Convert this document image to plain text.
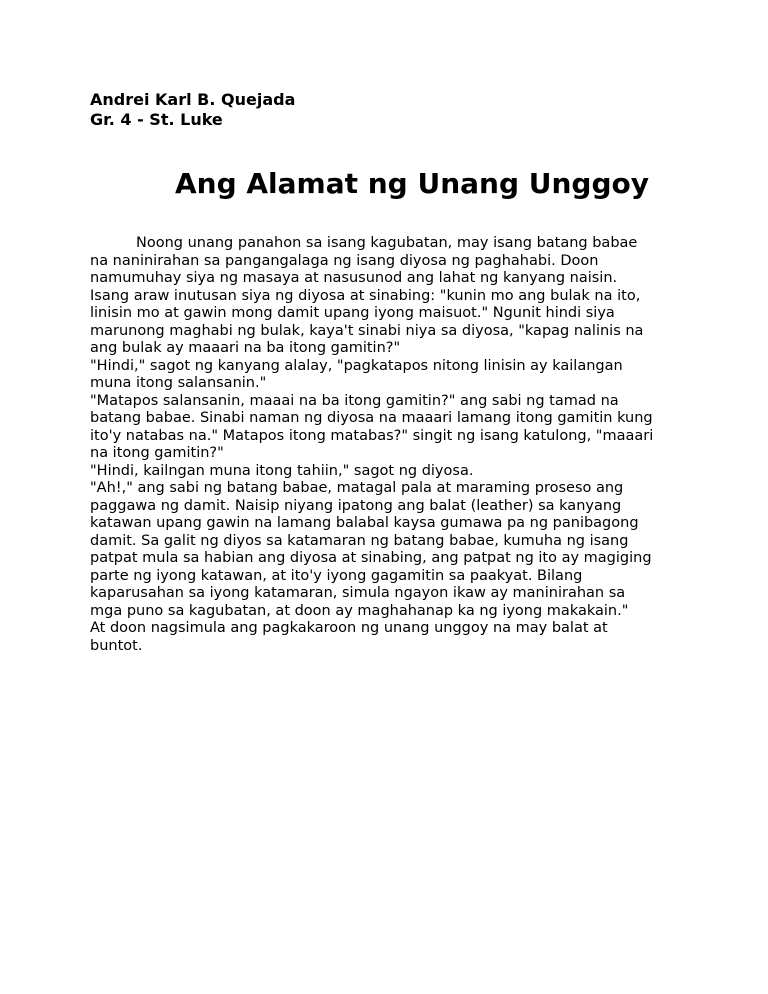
Andrei Karl B. Quejada
Gr. 4 - St. Luke
Ang Alamat ng Unang Unggoy
Noong unang panahon sa isang kagubatan, may isang batang babae
na naninirahan sa pangangalaga ng isang diyosa ng paghahabi. Doon
namumuhay siya ng masaya at nasusunod ang lahat ng kanyang naisin.
Isang araw inutusan siya ng diyosa at sinabing: "kunin mo ang bulak na ito,
linisin mo at gawin mong damit upang iyong maisuot." Ngunit hindi siya
marunong maghabi ng bulak, kaya't sinabi niya sa diyosa, "kapag nalinis na
ang bulak ay maaari na ba itong gamitin?"
"Hindi," sagot ng kanyang alalay, "pagkatapos nitong linisin ay kailangan
muna itong salansanin."
"Matapos salansanin, maaai na ba itong gamitin?" ang sabi ng tamad na
batang babae. Sinabi naman ng diyosa na maaari lamang itong gamitin kung
ito'y natabas na." Matapos itong matabas?" singit ng isang katulong, "maaari
na itong gamitin?"
"Hindi, kailngan muna itong tahiin," sagot ng diyosa.
"Ah!," ang sabi ng batang babae, matagal pala at maraming proseso ang
paggawa ng damit. Naisip niyang ipatong ang balat (leather) sa kanyang
katawan upang gawin na lamang balabal kaysa gumawa pa ng panibagong
damit. Sa galit ng diyos sa katamaran ng batang babae, kumuha ng isang
patpat mula sa habian ang diyosa at sinabing, ang patpat ng ito ay magiging
parte ng iyong katawan, at ito'y iyong gagamitin sa paakyat. Bilang
kaparusahan sa iyong katamaran, simula ngayon ikaw ay maninirahan sa
mga puno sa kagubatan, at doon ay maghahanap ka ng iyong makakain."
At doon nagsimula ang pagkakaroon ng unang unggoy na may balat at
buntot.
